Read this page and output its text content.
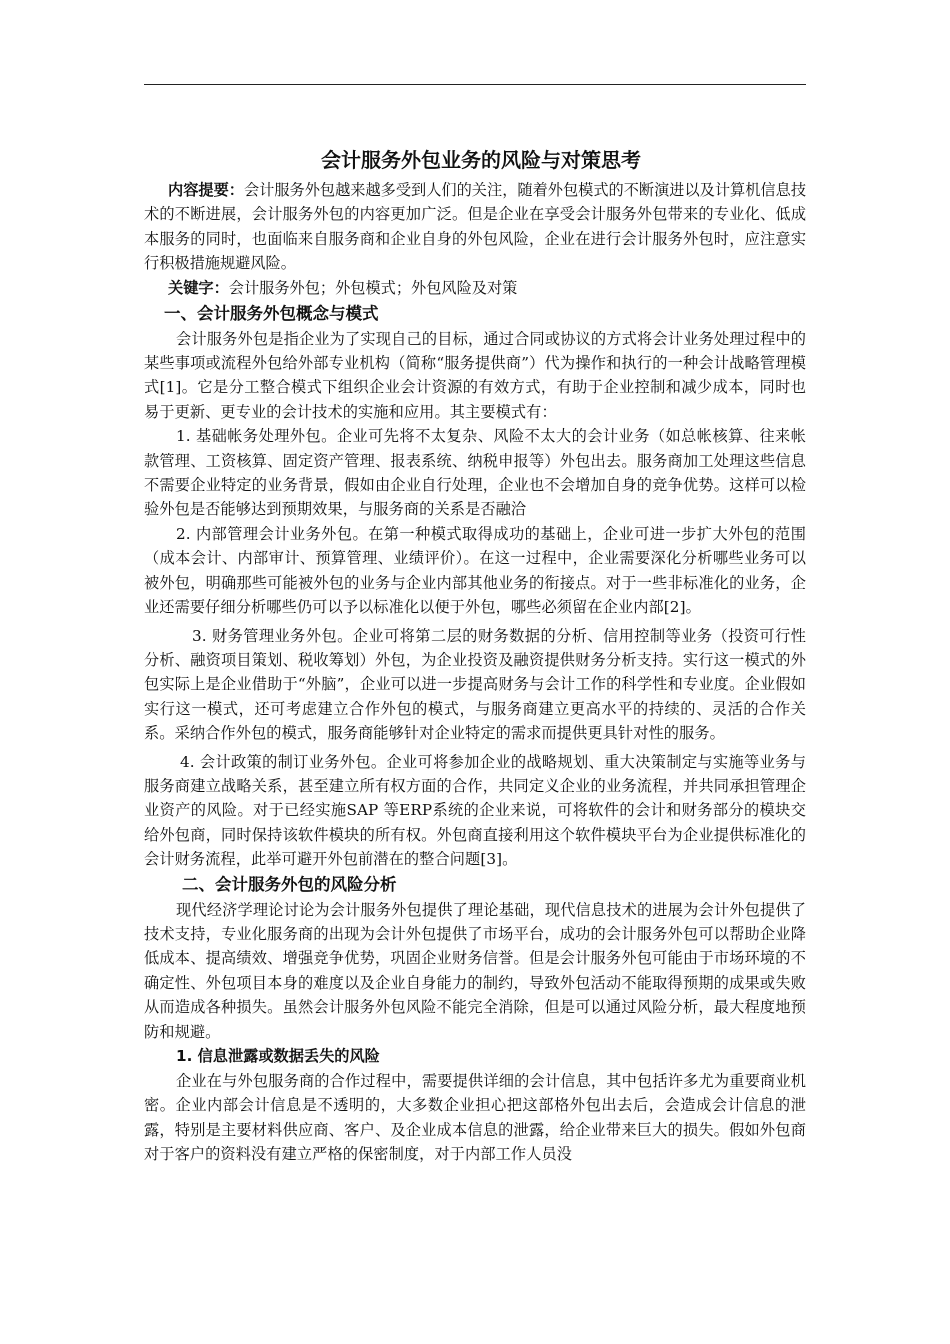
会计服务外包业务的风险与对策思考

内容提要：会计服务外包越来越多受到人们的关注，随着外包模式的不断演进以及计算机信息技术的不断进展，会计服务外包的内容更加广泛。但是企业在享受会计服务外包带来的专业化、低成本服务的同时，也面临来自服务商和企业自身的外包风险，企业在进行会计服务外包时，应注意实行积极措施规避风险。

关键字：会计服务外包；外包模式；外包风险及对策

一、会计服务外包概念与模式

会计服务外包是指企业为了实现自己的目标，通过合同或协议的方式将会计业务处理过程中的某些事项或流程外包给外部专业机构（简称“服务提供商”）代为操作和执行的一种会计战略管理模式[1]。它是分工整合模式下组织企业会计资源的有效方式，有助于企业控制和减少成本，同时也易于更新、更专业的会计技术的实施和应用。其主要模式有：

1. 基础帐务处理外包。企业可先将不太复杂、风险不太大的会计业务（如总帐核算、往来帐款管理、工资核算、固定资产管理、报表系统、纳税申报等）外包出去。服务商加工处理这些信息不需要企业特定的业务背景，假如由企业自行处理，企业也不会增加自身的竞争优势。这样可以检验外包是否能够达到预期效果，与服务商的关系是否融洽

2. 内部管理会计业务外包。在第一种模式取得成功的基础上，企业可进一步扩大外包的范围（成本会计、内部审计、预算管理、业绩评价）。在这一过程中，企业需要深化分析哪些业务可以被外包，明确那些可能被外包的业务与企业内部其他业务的衔接点。对于一些非标准化的业务，企业还需要仔细分析哪些仍可以予以标准化以便于外包，哪些必须留在企业内部[2]。

3. 财务管理业务外包。企业可将第二层的财务数据的分析、信用控制等业务（投资可行性分析、融资项目策划、税收筹划）外包，为企业投资及融资提供财务分析支持。实行这一模式的外包实际上是企业借助于“外脑”，企业可以进一步提高财务与会计工作的科学性和专业度。企业假如实行这一模式，还可考虑建立合作外包的模式，与服务商建立更高水平的持续的、灵活的合作关系。采纳合作外包的模式，服务商能够针对企业特定的需求而提供更具针对性的服务。

4. 会计政策的制订业务外包。企业可将参加企业的战略规划、重大决策制定与实施等业务与服务商建立战略关系，甚至建立所有权方面的合作，共同定义企业的业务流程，并共同承担管理企业资产的风险。对于已经实施SAP 等ERP系统的企业来说，可将软件的会计和财务部分的模块交给外包商，同时保持该软件模块的所有权。外包商直接利用这个软件模块平台为企业提供标准化的会计财务流程，此举可避开外包前潜在的整合问题[3]。

二、会计服务外包的风险分析

现代经济学理论讨论为会计服务外包提供了理论基础，现代信息技术的进展为会计外包提供了技术支持，专业化服务商的出现为会计外包提供了市场平台，成功的会计服务外包可以帮助企业降低成本、提高绩效、增强竞争优势，巩固企业财务信誉。但是会计服务外包可能由于市场环境的不确定性、外包项目本身的难度以及企业自身能力的制约，导致外包活动不能取得预期的成果或失败从而造成各种损失。虽然会计服务外包风险不能完全消除，但是可以通过风险分析，最大程度地预防和规避。

1. 信息泄露或数据丢失的风险

企业在与外包服务商的合作过程中，需要提供详细的会计信息，其中包括许多尤为重要商业机密。企业内部会计信息是不透明的，大多数企业担心把这部格外包出去后，会造成会计信息的泄露，特别是主要材料供应商、客户、及企业成本信息的泄露，给企业带来巨大的损失。假如外包商对于客户的资料没有建立严格的保密制度，对于内部工作人员没
